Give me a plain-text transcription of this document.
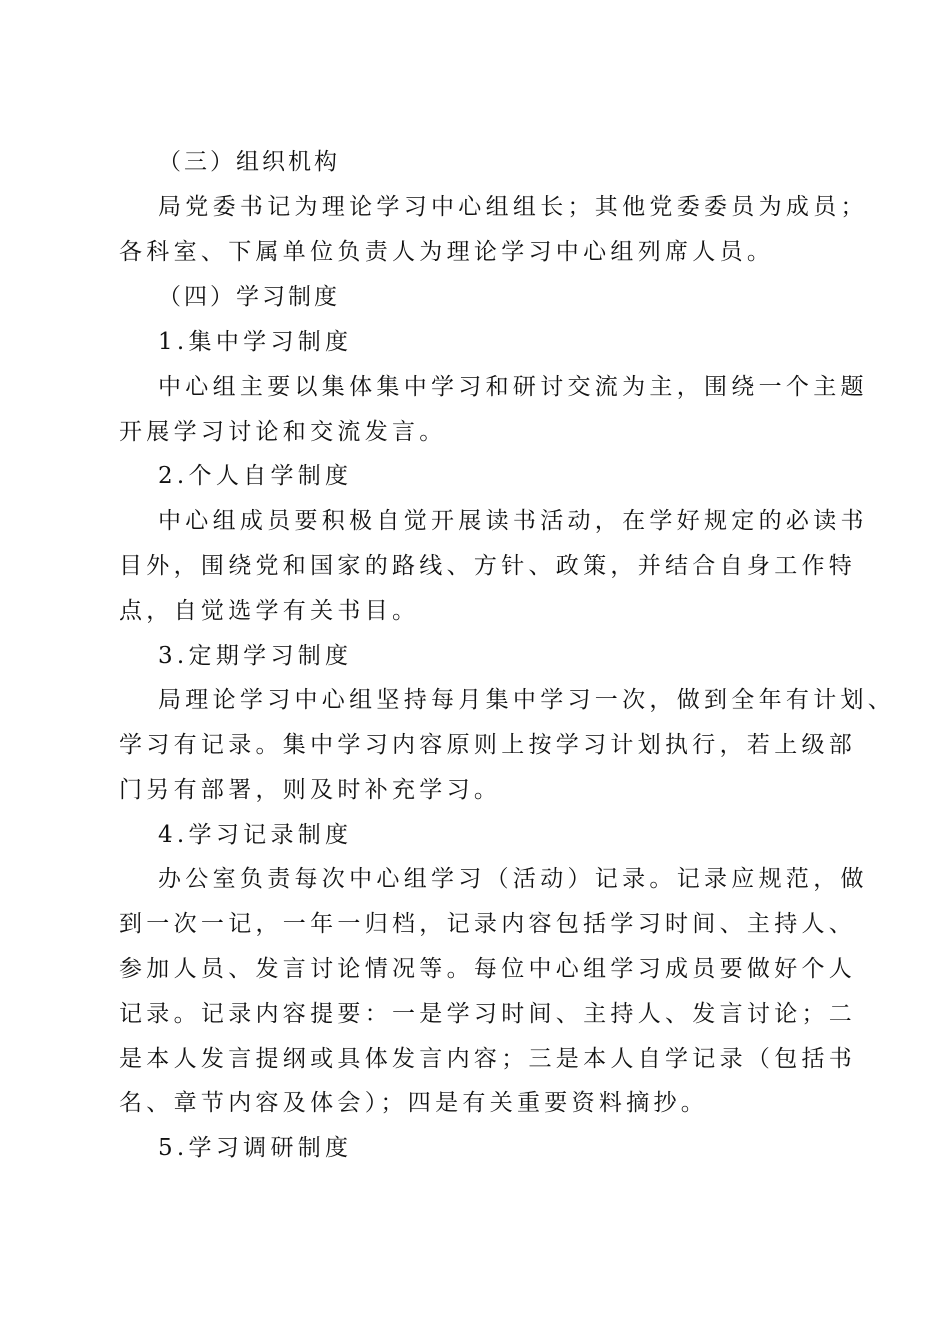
（三）组织机构
局党委书记为理论学习中心组组长；其他党委委员为成员；
各科室、下属单位负责人为理论学习中心组列席人员。
（四）学习制度
1.集中学习制度
中心组主要以集体集中学习和研讨交流为主，围绕一个主题
开展学习讨论和交流发言。
2.个人自学制度
中心组成员要积极自觉开展读书活动，在学好规定的必读书
目外，围绕党和国家的路线、方针、政策，并结合自身工作特
点，自觉选学有关书目。
3.定期学习制度
局理论学习中心组坚持每月集中学习一次，做到全年有计划、
学习有记录。集中学习内容原则上按学习计划执行，若上级部
门另有部署，则及时补充学习。
4.学习记录制度
办公室负责每次中心组学习（活动）记录。记录应规范，做
到一次一记，一年一归档，记录内容包括学习时间、主持人、
参加人员、发言讨论情况等。每位中心组学习成员要做好个人
记录。记录内容提要：一是学习时间、主持人、发言讨论；二
是本人发言提纲或具体发言内容；三是本人自学记录（包括书
名、章节内容及体会）；四是有关重要资料摘抄。
5.学习调研制度
